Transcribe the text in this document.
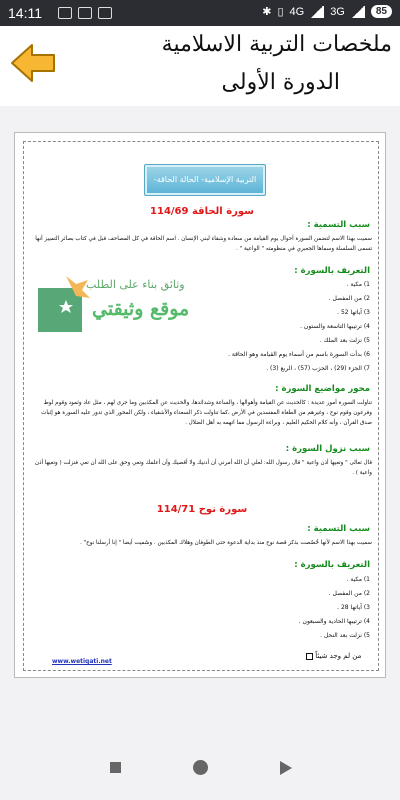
14:11	✱ ▯ 4G 3G	85
ملخصات التربية الاسلامية
الدورة الأولى
التربية الإسلامية- الحالة الحاقة-
سورة الحاقة 114/69
سبب التسمية :
سميت بهذا الاسم لتضمن السورة أحوال يوم القيامة من سعادة وشقاء لبني الإنسان . اسم الحاقة في كل المصاحف قبل في كتاب بصائر التمييز أنها تسمى السلسلة وسماها الجعبري في منظومته " الواعية " .
التعريف بالسورة :
1) مكية .
2) من المفصل .
3) آياتها 52 .
4) ترتيبها التاسعة والستون .
5) نزلت بعد الملك .
6) بدأت السورة باسم من أسماء يوم القيامة وهو الحاقة .
7) الجزء (29) ، الحزب (57) ، الربع (3) .
وثائق بناء على الطلب
موقع وثيقتي
محور مواضيع السورة :
تناولت السورة أمور عديدة : كالحديث عن القيامة وأهوالها ، والساعة وشدائدها، والحديث عن المكذبين وما جرى لهم ، مثل عاد وثمود وقوم لوط وفرعون وقوم نوح ، وغيرهم من الطغاة المفسدين في الأرض ،كما تناولت ذكر السعداء والأشقياء ، ولكن المحور الذي تدور عليه السورة هو إثبات صدق القرآن ، وأنه كلام الحكيم العليم ، وبراءة الرسول مما اتهمه به أهل الضلال .
سبب نزول السورة :
قال تعالى " وتعيها أذن واعية " قال رسول الله: لعلي أن الله أمرني أن أدنيك ولا أقصيك وأن أعلمك وتعي وحق على الله أن تعي فنزلت ( وتعيها أذن واعية ) .
سورة نوح 114/71
سبب التسمية :
سميت بهذا الاسم لأنها خُصّصت بذكر قصة نوح منذ بداية الدعوة حتى الطوفان وهلاك المكذبين . وسُميت أيضا " إنا أرسلنا نوح" .
التعريف بالسورة :
1) مكية .
2) من المفصل .
3) آياتها 28 .
4) ترتيبها الحادية والسبعون .
5) نزلت بعد النحل .
www.wetiqati.net
من لم وجد شيئاً
